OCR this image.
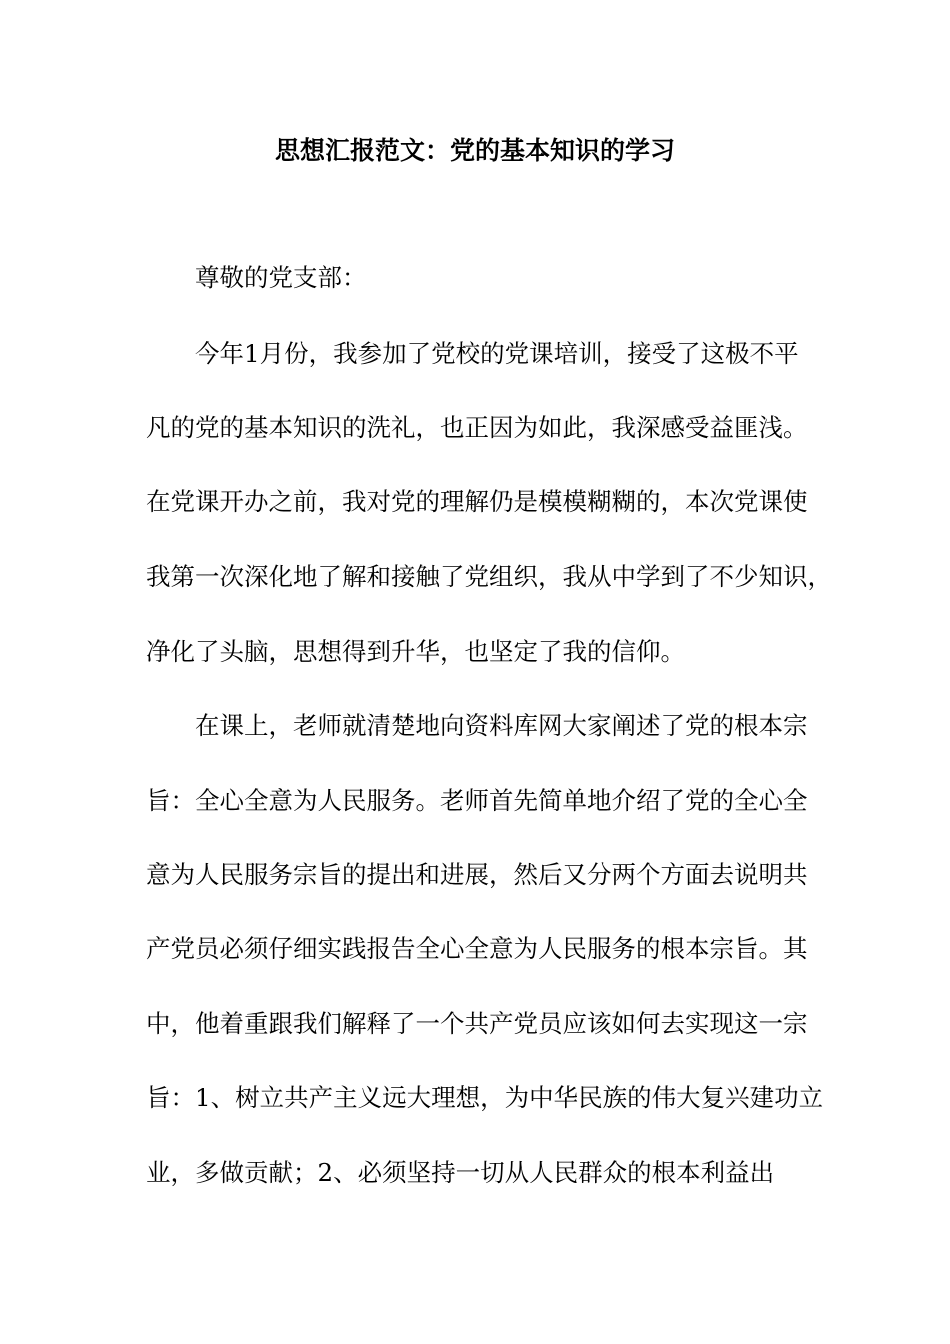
思想汇报范文：党的基本知识的学习
尊敬的党支部：
今年1月份，我参加了党校的党课培训，接受了这极不平
凡的党的基本知识的洗礼，也正因为如此，我深感受益匪浅。
在党课开办之前，我对党的理解仍是模模糊糊的，本次党课使
我第一次深化地了解和接触了党组织，我从中学到了不少知识，
净化了头脑，思想得到升华，也坚定了我的信仰。
在课上，老师就清楚地向资料库网大家阐述了党的根本宗
旨：全心全意为人民服务。老师首先简单地介绍了党的全心全
意为人民服务宗旨的提出和进展，然后又分两个方面去说明共
产党员必须仔细实践报告全心全意为人民服务的根本宗旨。其
中，他着重跟我们解释了一个共产党员应该如何去实现这一宗
旨：1、树立共产主义远大理想，为中华民族的伟大复兴建功立
业，多做贡献；2、必须坚持一切从人民群众的根本利益出
